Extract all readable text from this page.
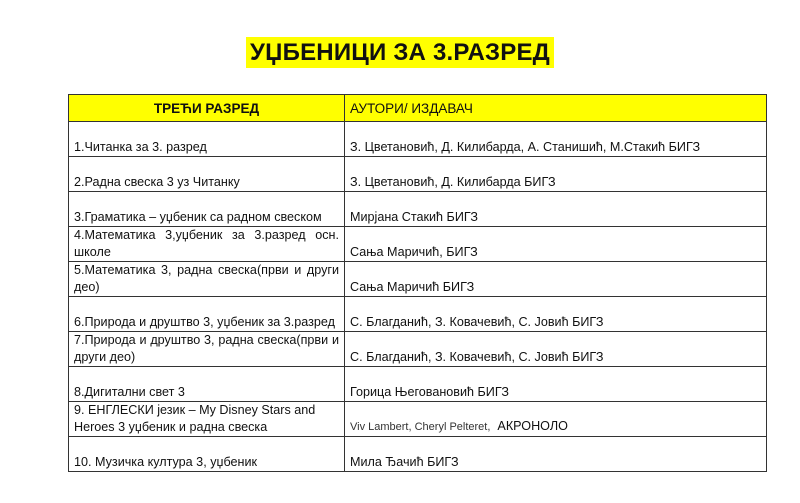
УЏБЕНИЦИ ЗА 3.РАЗРЕД
ТРЕЋИ РАЗРЕД	АУТОРИ/ ИЗДАВАЧ
1.Читанка за 3. разред	З. Цветановић, Д. Килибарда, А. Станишић, М.Стакић БИГЗ
2.Радна свеска 3 уз Читанку	З. Цветановић, Д. Килибарда БИГЗ
3.Граматика – уџбеник са радном свеском	Мирјана Стакић БИГЗ
4.Математика 3,уџбеник за 3.разред осн. школе	Сања Маричић, БИГЗ
5.Математика 3, радна свеска(први и други део)	Сања Маричић БИГЗ
6.Природа и друштво 3, уџбеник за 3.разред	С. Благданић, З. Ковачевић, С. Јовић БИГЗ
7.Природа и друштво 3, радна свеска(први и други део)	С. Благданић, З. Ковачевић, С. Јовић БИГЗ
8.Дигитални свет 3	Горица Његовановић БИГЗ
9. ЕНГЛЕСКИ језик – My Disney Stars and Heroes 3 уџбеник и радна свеска	Viv Lambert, Cheryl Pelteret, АКРОНОЛО
10. Музичка култура 3, уџбеник	Мила Ђачић БИГЗ
